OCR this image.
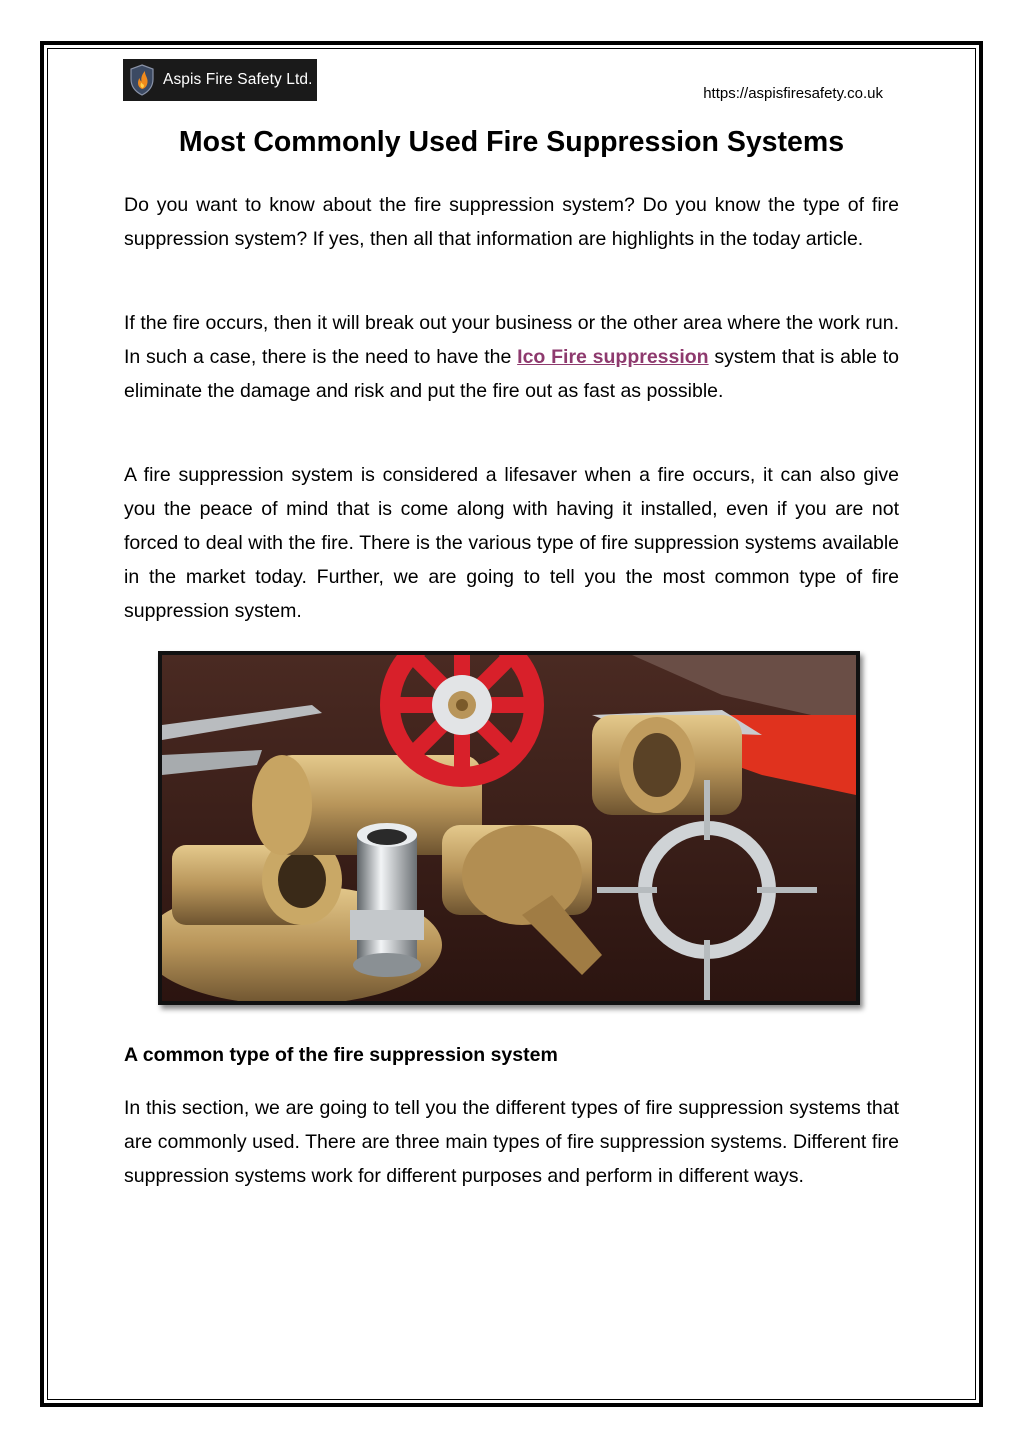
Aspis Fire Safety Ltd.
https://aspisfiresafety.co.uk
Most Commonly Used Fire Suppression Systems

Do you want to know about the fire suppression system? Do you know the type of fire suppression system? If yes, then all that information are highlights in the today article.

If the fire occurs, then it will break out your business or the other area where the work run. In such a case, there is the need to have the Ico Fire suppression system that is able to eliminate the damage and risk and put the fire out as fast as possible.

A fire suppression system is considered a lifesaver when a fire occurs, it can also give you the peace of mind that is come along with having it installed, even if you are not forced to deal with the fire. There is the various type of fire suppression systems available in the market today. Further, we are going to tell you the most common type of fire suppression system.

A common type of the fire suppression system

In this section, we are going to tell you the different types of fire suppression systems that are commonly used. There are three main types of fire suppression systems. Different fire suppression systems work for different purposes and perform in different ways.
